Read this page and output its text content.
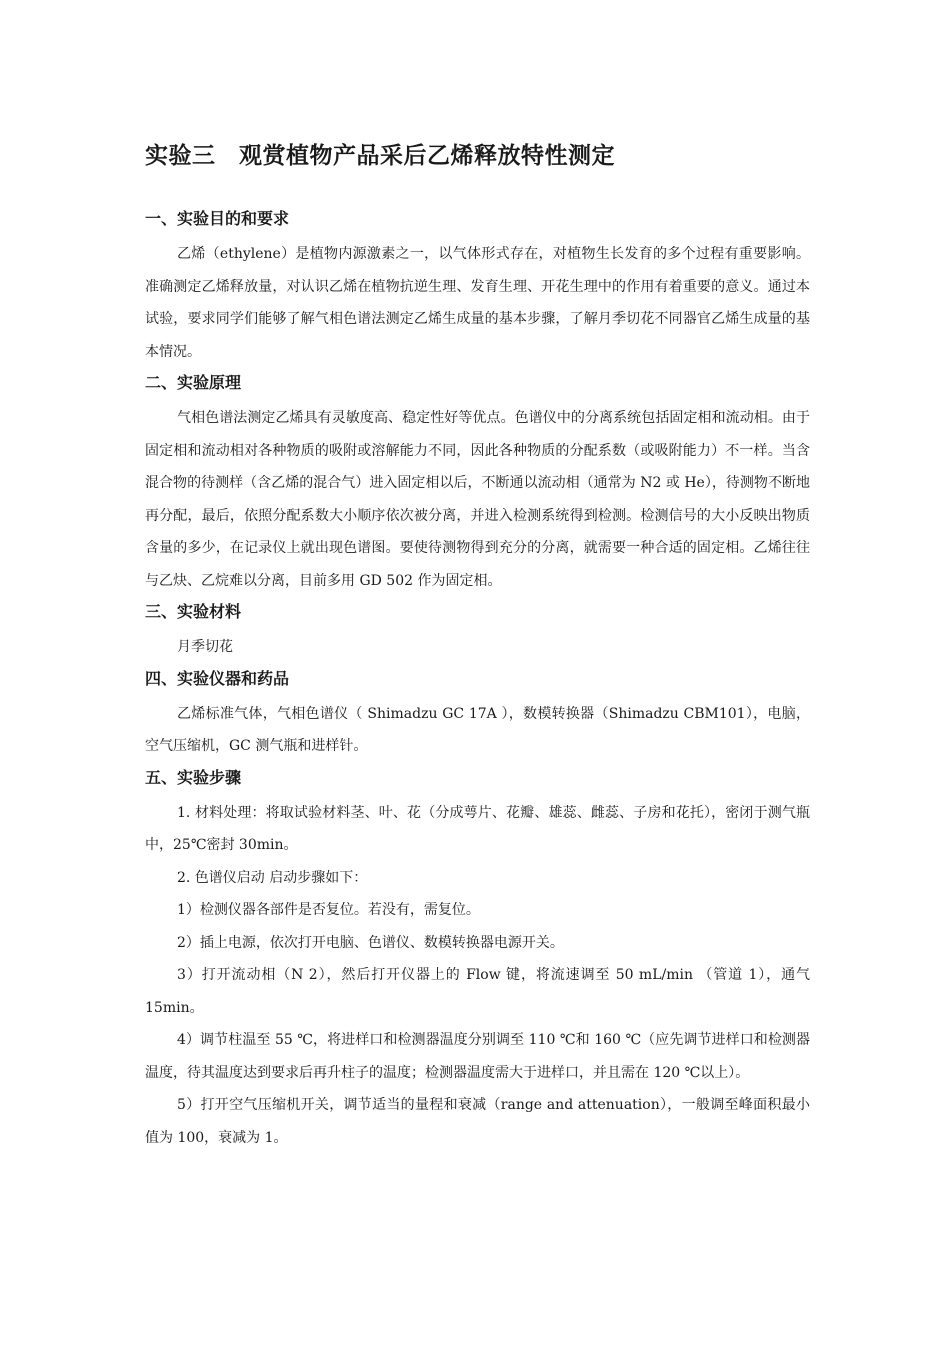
实验三　观赏植物产品采后乙烯释放特性测定
一、实验目的和要求

乙烯（ethylene）是植物内源激素之一，以气体形式存在，对植物生长发育的多个过程有重要影响。准确测定乙烯释放量，对认识乙烯在植物抗逆生理、发育生理、开花生理中的作用有着重要的意义。通过本试验，要求同学们能够了解气相色谱法测定乙烯生成量的基本步骤，了解月季切花不同器官乙烯生成量的基本情况。

二、实验原理

气相色谱法测定乙烯具有灵敏度高、稳定性好等优点。色谱仪中的分离系统包括固定相和流动相。由于固定相和流动相对各种物质的吸附或溶解能力不同，因此各种物质的分配系数（或吸附能力）不一样。当含混合物的待测样（含乙烯的混合气）进入固定相以后，不断通以流动相（通常为 N2 或 He），待测物不断地再分配，最后，依照分配系数大小顺序依次被分离，并进入检测系统得到检测。检测信号的大小反映出物质含量的多少，在记录仪上就出现色谱图。要使待测物得到充分的分离，就需要一种合适的固定相。乙烯往往与乙炔、乙烷难以分离，目前多用 GD 502 作为固定相。

三、实验材料

月季切花

四、实验仪器和药品

乙烯标准气体，气相色谱仪（ Shimadzu GC 17A ），数模转换器（Shimadzu CBM101），电脑，空气压缩机，GC 测气瓶和进样针。

五、实验步骤

1. 材料处理：将取试验材料茎、叶、花（分成萼片、花瓣、雄蕊、雌蕊、子房和花托），密闭于测气瓶中，25℃密封 30min。

2. 色谱仪启动 启动步骤如下：

1）检测仪器各部件是否复位。若没有，需复位。

2）插上电源，依次打开电脑、色谱仪、数模转换器电源开关。

3）打开流动相（N 2），然后打开仪器上的 Flow 键，将流速调至 50 mL/min （管道 1），通气 15min。

4）调节柱温至 55 ℃，将进样口和检测器温度分别调至 110 ℃和 160 ℃（应先调节进样口和检测器温度，待其温度达到要求后再升柱子的温度；检测器温度需大于进样口，并且需在 120 ℃以上）。

5）打开空气压缩机开关，调节适当的量程和衰减（range and attenuation），一般调至峰面积最小值为 100，衰减为 1。
